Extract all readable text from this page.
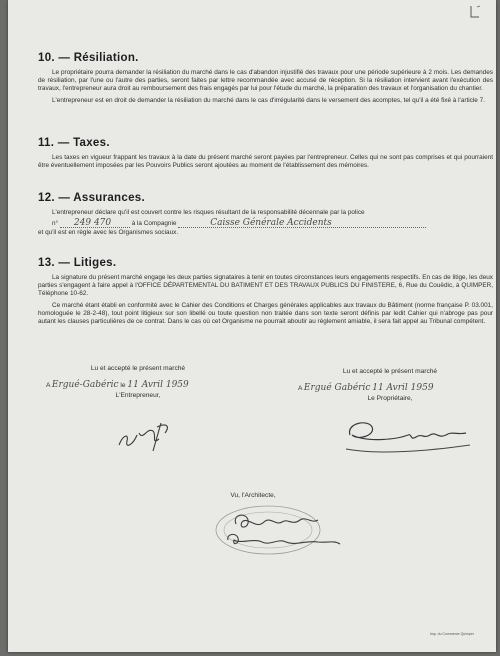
10. — Résiliation.

Le propriétaire pourra demander la résiliation du marché dans le cas d'abandon injustifié des travaux pour une période supérieure à 2 mois. Les demandes de résiliation, par l'une ou l'autre des parties, seront faites par lettre recommandée avec accusé de réception. Si la résiliation intervient avant l'exécution des travaux, l'entrepreneur aura droit au remboursement des frais engagés par lui pour l'étude du marché, la préparation des travaux et l'organisation du chantier.

L'entrepreneur est en droit de demander la résiliation du marché dans le cas d'irrégularité dans le versement des acomptes, tel qu'il a été fixé à l'article 7.

11. — Taxes.

Les taxes en vigueur frappant les travaux à la date du présent marché seront payées par l'entrepreneur. Celles qui ne sont pas comprises et qui pourraient être éventuellement imposées par les Pouvoirs Publics seront ajoutées au moment de l'établissement des mémoires.

12. — Assurances.

L'entrepreneur déclare qu'il est couvert contre les risques résultant de la responsabilité décennale par la police

n° 249 470	à la Compagnie	Caisse Générale Accidents

et qu'il est en règle avec les Organismes sociaux.

13. — Litiges.

La signature du présent marché engage les deux parties signataires à tenir en toutes circonstances leurs engagements respectifs. En cas de litige, les deux parties s'engagent à faire appel à l'OFFICE DÉPARTEMENTAL DU BATIMENT ET DES TRAVAUX PUBLICS DU FINISTERE, 6, Rue du Couëdic, à QUIMPER, Téléphone 10-62.

Ce marché étant établi en conformité avec le Cahier des Conditions et Charges générales applicables aux travaux du Bâtiment (norme française P. 03.001, homologuée le 28-2-48), tout point litigieux sur son libellé ou toute question non traitée dans son texte seront définis par ledit Cahier qui n'abroge pas pour autant les clauses particulières de ce contrat. Dans le cas où cet Organisme ne pourrait aboutir au règlement amiable, il sera fait appel au Tribunal compétent.

Lu et accepté le présent marché
A Ergué-Gabéric le 11 Avril 1959
L'Entrepreneur,
Lu et accepté le présent marché
A Ergué Gabéric 11 Avril 1959
Le Propriétaire,
Vu, l'Architecte,
Imp. du Commerce Quimper
